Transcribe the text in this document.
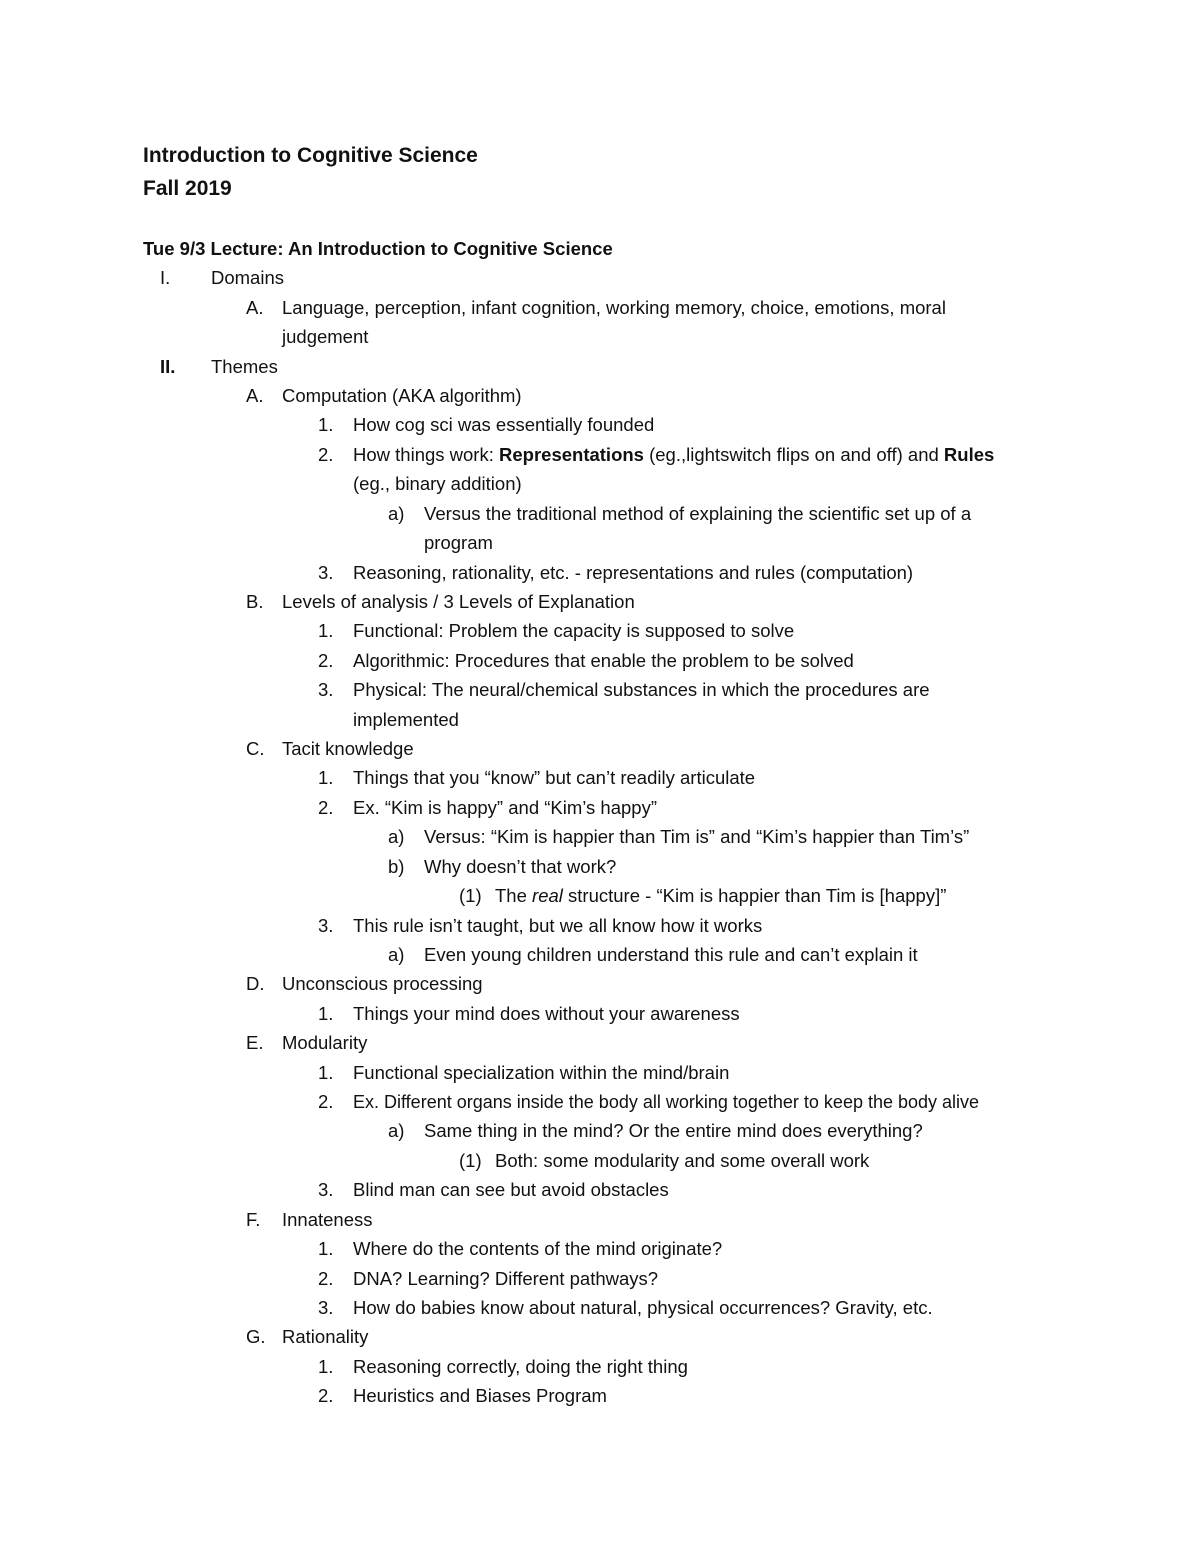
Introduction to Cognitive Science
Fall 2019
Tue 9/3 Lecture: An Introduction to Cognitive Science
I. Domains
A. Language, perception, infant cognition, working memory, choice, emotions, moral
judgement
II. Themes
A. Computation (AKA algorithm)
1. How cog sci was essentially founded
2. How things work: Representations (eg.,lightswitch flips on and off) and Rules
(eg., binary addition)
a) Versus the traditional method of explaining the scientific set up of a
program
3. Reasoning, rationality, etc. - representations and rules (computation)
B. Levels of analysis / 3 Levels of Explanation
1. Functional: Problem the capacity is supposed to solve
2. Algorithmic: Procedures that enable the problem to be solved
3. Physical: The neural/chemical substances in which the procedures are
implemented
C. Tacit knowledge
1. Things that you “know” but can’t readily articulate
2. Ex. “Kim is happy” and “Kim’s happy”
a) Versus: “Kim is happier than Tim is” and “Kim’s happier than Tim’s”
b) Why doesn’t that work?
(1) The real structure - “Kim is happier than Tim is [happy]”
3. This rule isn’t taught, but we all know how it works
a) Even young children understand this rule and can’t explain it
D. Unconscious processing
1. Things your mind does without your awareness
E. Modularity
1. Functional specialization within the mind/brain
2. Ex. Different organs inside the body all working together to keep the body alive
a) Same thing in the mind? Or the entire mind does everything?
(1) Both: some modularity and some overall work
3. Blind man can see but avoid obstacles
F. Innateness
1. Where do the contents of the mind originate?
2. DNA? Learning? Different pathways?
3. How do babies know about natural, physical occurrences? Gravity, etc.
G. Rationality
1. Reasoning correctly, doing the right thing
2. Heuristics and Biases Program
